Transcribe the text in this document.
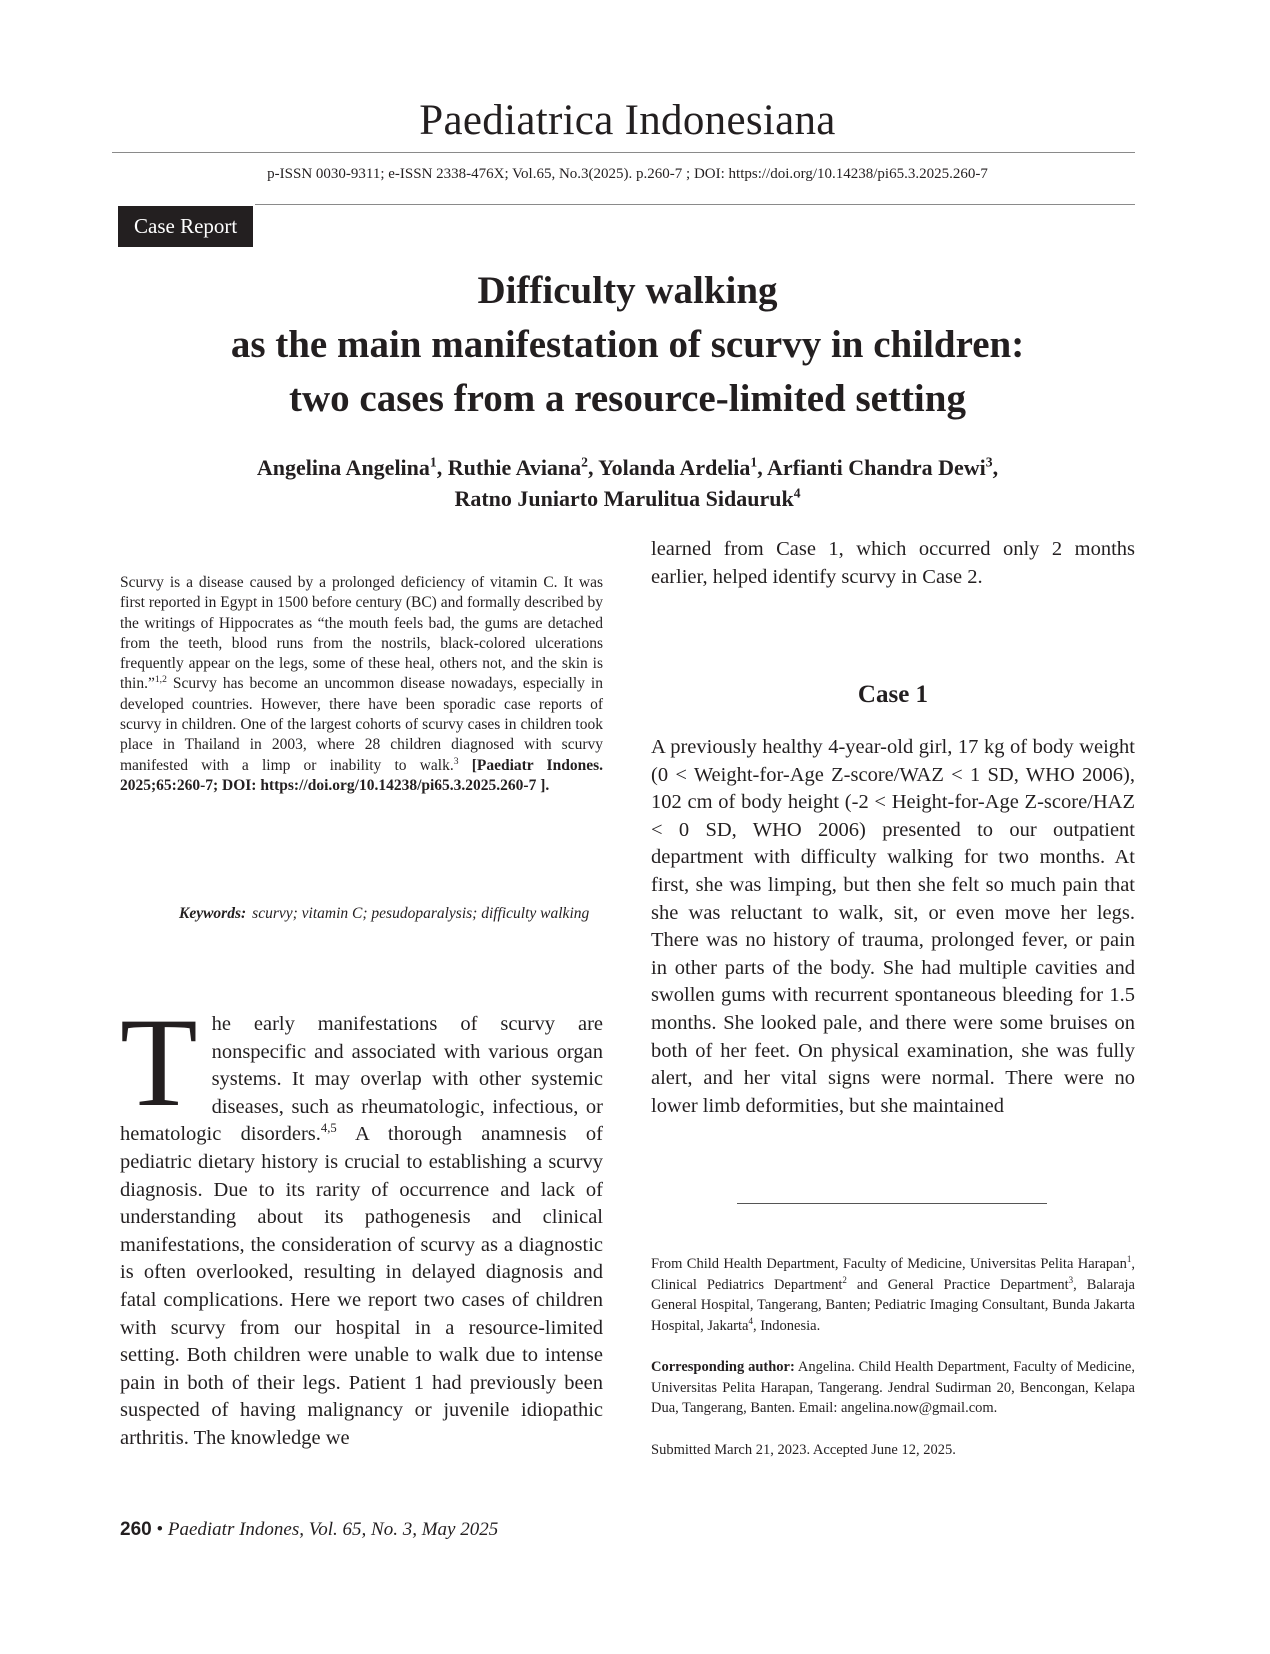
Paediatrica Indonesiana
p-ISSN 0030-9311; e-ISSN 2338-476X; Vol.65, No.3(2025). p.260-7 ; DOI: https://doi.org/10.14238/pi65.3.2025.260-7
Case Report
Difficulty walking
as the main manifestation of scurvy in children:
two cases from a resource-limited setting
Angelina Angelina$^1$, Ruthie Aviana$^2$, Yolanda Ardelia$^1$, Arfianti Chandra Dewi$^3$,
Ratno Juniarto Marulitua Sidauruk$^4$
Scurvy is a disease caused by a prolonged deficiency of vitamin C. It was first reported in Egypt in 1500 before century (BC) and formally described by the writings of Hippocrates as “the mouth feels bad, the gums are detached from the teeth, blood runs from the nostrils, black-colored ulcerations frequently appear on the legs, some of these heal, others not, and the skin is thin.”$^{1,2}$ Scurvy has become an uncommon disease nowadays, especially in developed countries. However, there have been sporadic case reports of scurvy in children. One of the largest cohorts of scurvy cases in children took place in Thailand in 2003, where 28 children diagnosed with scurvy manifested with a limp or inability to walk.$^3$ [Paediatr Indones. 2025;65:260-7; DOI: https://doi.org/10.14238/pi65.3.2025.260-7 ].
Keywords: scurvy; vitamin C; pesudoparalysis; difficulty walking
The early manifestations of scurvy are nonspecific and associated with various organ systems. It may overlap with other systemic diseases, such as rheumatologic, infectious, or hematologic disorders.$^{4,5}$ A thorough anamnesis of pediatric dietary history is crucial to establishing a scurvy diagnosis. Due to its rarity of occurrence and lack of understanding about its pathogenesis and clinical manifestations, the consideration of scurvy as a diagnostic is often overlooked, resulting in delayed diagnosis and fatal complications. Here we report two cases of children with scurvy from our hospital in a resource-limited setting. Both children were unable to walk due to intense pain in both of their legs. Patient 1 had previously been suspected of having malignancy or juvenile idiopathic arthritis. The knowledge we
learned from Case 1, which occurred only 2 months earlier, helped identify scurvy in Case 2.
Case 1
A previously healthy 4-year-old girl, 17 kg of body weight (0 < Weight-for-Age Z-score/WAZ < 1 SD, WHO 2006), 102 cm of body height (-2 < Height-for-Age Z-score/HAZ < 0 SD, WHO 2006) presented to our outpatient department with difficulty walking for two months. At first, she was limping, but then she felt so much pain that she was reluctant to walk, sit, or even move her legs. There was no history of trauma, prolonged fever, or pain in other parts of the body. She had multiple cavities and swollen gums with recurrent spontaneous bleeding for 1.5 months. She looked pale, and there were some bruises on both of her feet. On physical examination, she was fully alert, and her vital signs were normal. There were no lower limb deformities, but she maintained
From Child Health Department, Faculty of Medicine, Universitas Pelita Harapan$^1$, Clinical Pediatrics Department$^2$ and General Practice Department$^3$, Balaraja General Hospital, Tangerang, Banten; Pediatric Imaging Consultant, Bunda Jakarta Hospital, Jakarta$^4$, Indonesia.
Corresponding author: Angelina. Child Health Department, Faculty of Medicine, Universitas Pelita Harapan, Tangerang. Jendral Sudirman 20, Bencongan, Kelapa Dua, Tangerang, Banten. Email: angelina.now@gmail.com.
Submitted March 21, 2023. Accepted June 12, 2025.
260 • Paediatr Indones, Vol. 65, No. 3, May 2025
